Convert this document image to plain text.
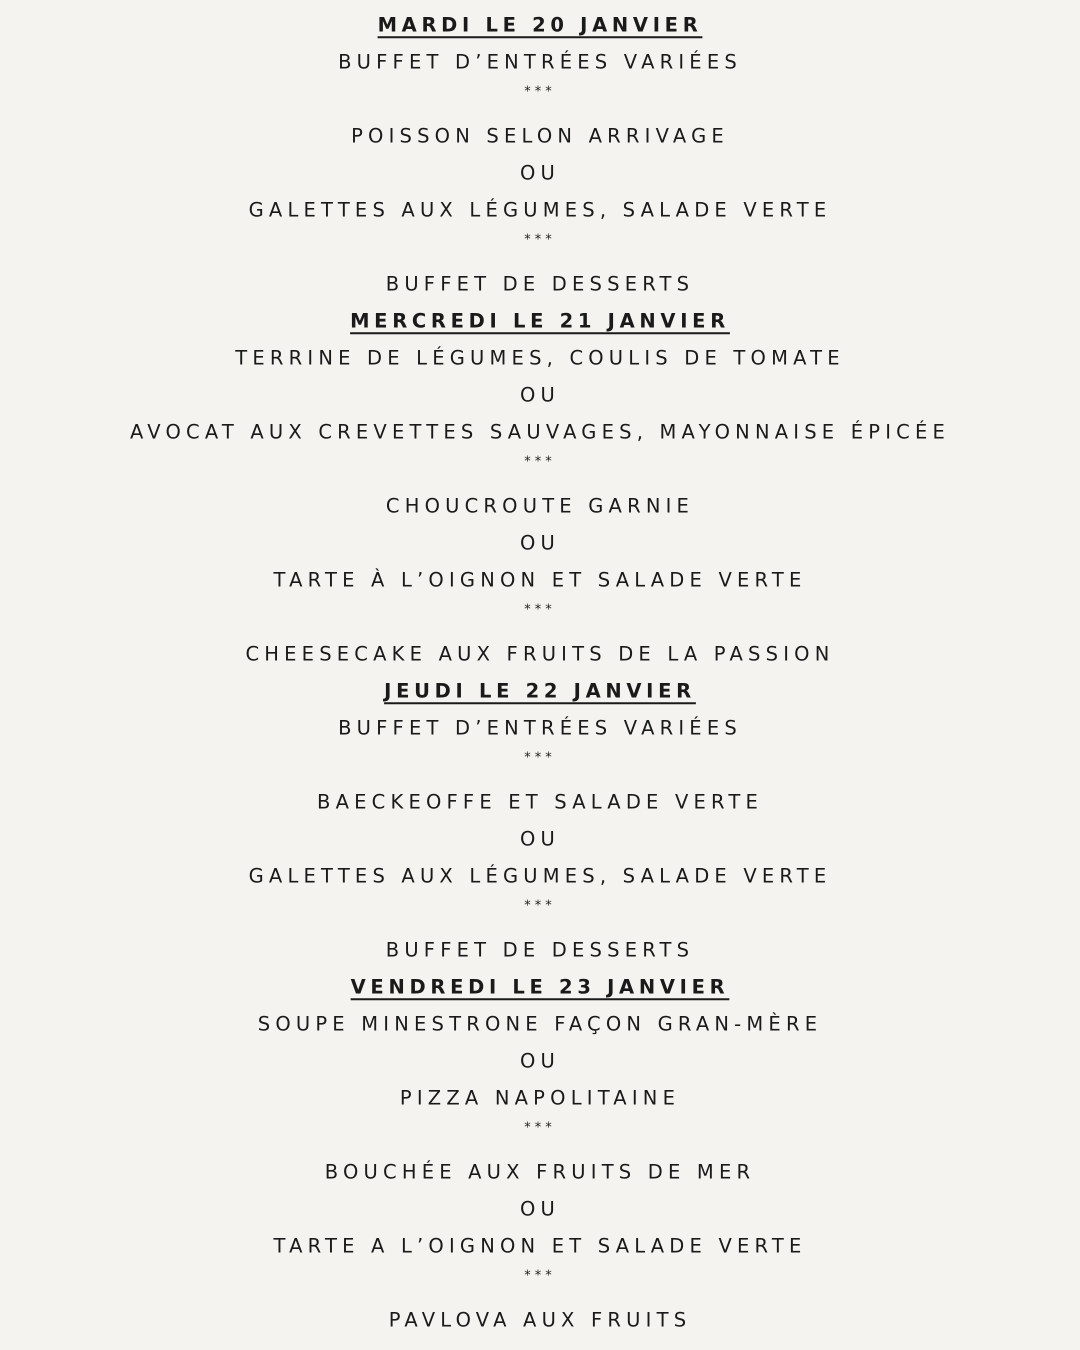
MARDI LE 20 JANVIER
BUFFET D’ENTRÉES VARIÉES
***
POISSON SELON ARRIVAGE
OU
GALETTES AUX LÉGUMES, SALADE VERTE
***
BUFFET DE DESSERTS
MERCREDI LE 21 JANVIER
TERRINE DE LÉGUMES, COULIS DE TOMATE
OU
AVOCAT AUX CREVETTES SAUVAGES, MAYONNAISE ÉPICÉE
***
CHOUCROUTE GARNIE
OU
TARTE À L’OIGNON ET SALADE VERTE
***
CHEESECAKE AUX FRUITS DE LA PASSION
JEUDI LE 22 JANVIER
BUFFET D’ENTRÉES VARIÉES
***
BAECKEOFFE ET SALADE VERTE
OU
GALETTES AUX LÉGUMES, SALADE VERTE
***
BUFFET DE DESSERTS
VENDREDI LE 23 JANVIER
SOUPE MINESTRONE FAÇON GRAN-MÈRE
OU
PIZZA NAPOLITAINE
***
BOUCHÉE AUX FRUITS DE MER
OU
TARTE A L’OIGNON ET SALADE VERTE
***
PAVLOVA AUX FRUITS
